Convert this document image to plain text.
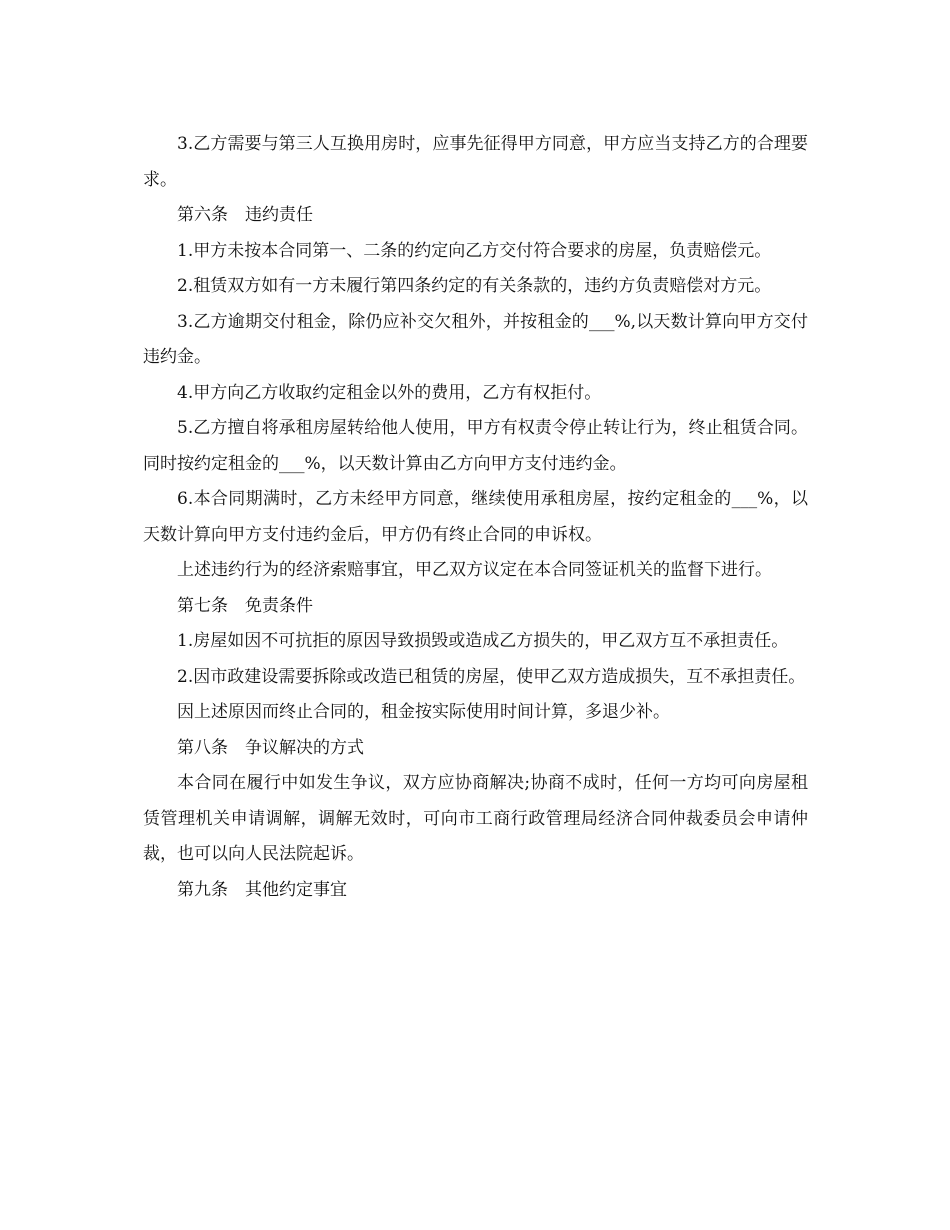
3.乙方需要与第三人互换用房时，应事先征得甲方同意，甲方应当支持乙方的合理要求。

第六条　违约责任

1.甲方未按本合同第一、二条的约定向乙方交付符合要求的房屋，负责赔偿元。

2.租赁双方如有一方未履行第四条约定的有关条款的，违约方负责赔偿对方元。

3.乙方逾期交付租金，除仍应补交欠租外，并按租金的___%,以天数计算向甲方交付违约金。

4.甲方向乙方收取约定租金以外的费用，乙方有权拒付。

5.乙方擅自将承租房屋转给他人使用，甲方有权责令停止转让行为，终止租赁合同。同时按约定租金的___%，以天数计算由乙方向甲方支付违约金。

6.本合同期满时，乙方未经甲方同意，继续使用承租房屋，按约定租金的___%，以天数计算向甲方支付违约金后，甲方仍有终止合同的申诉权。

上述违约行为的经济索赔事宜，甲乙双方议定在本合同签证机关的监督下进行。

第七条　免责条件

1.房屋如因不可抗拒的原因导致损毁或造成乙方损失的，甲乙双方互不承担责任。

2.因市政建设需要拆除或改造已租赁的房屋，使甲乙双方造成损失，互不承担责任。

因上述原因而终止合同的，租金按实际使用时间计算，多退少补。

第八条　争议解决的方式

本合同在履行中如发生争议，双方应协商解决;协商不成时，任何一方均可向房屋租赁管理机关申请调解，调解无效时，可向市工商行政管理局经济合同仲裁委员会申请仲裁，也可以向人民法院起诉。

第九条　其他约定事宜
